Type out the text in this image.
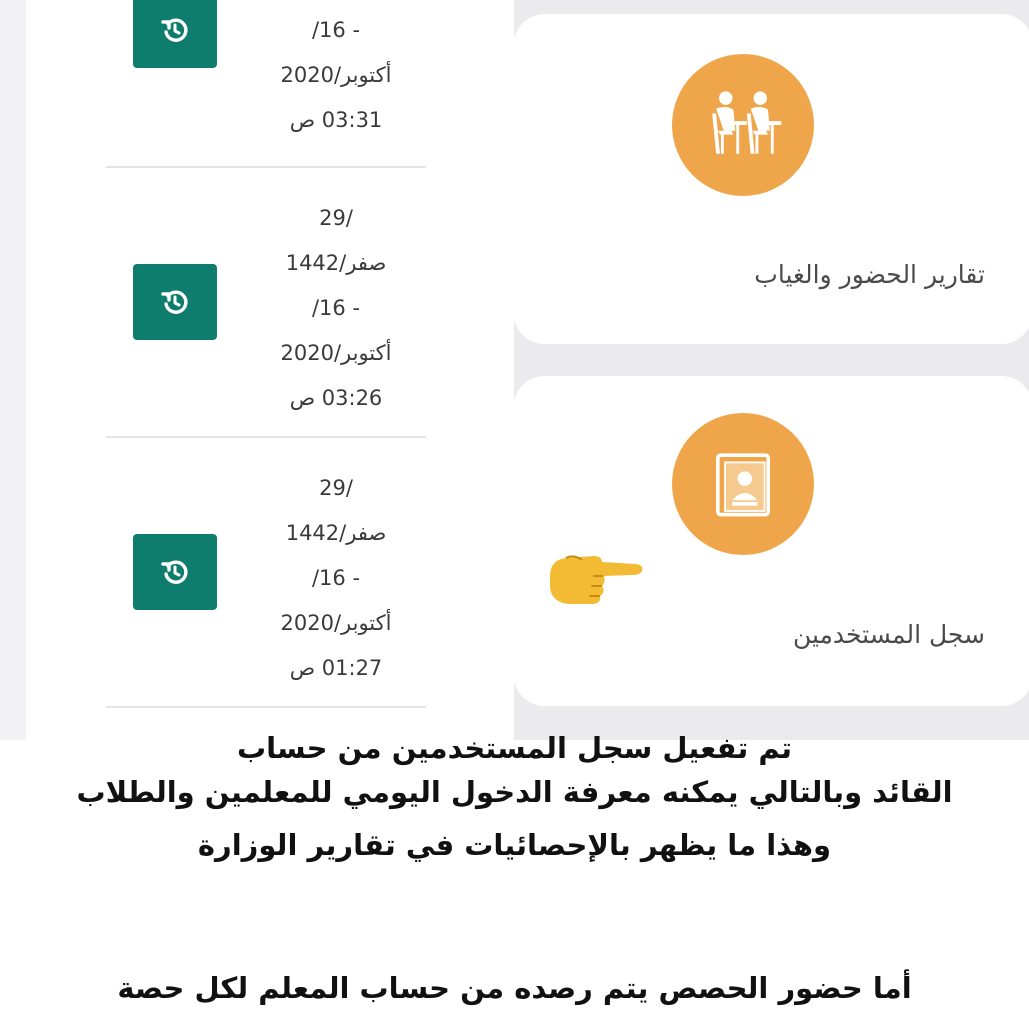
- 16/
أكتوبر/2020
03:31 ص
/29
صفر/1442
- 16/
أكتوبر/2020
03:26 ص
/29
صفر/1442
- 16/
أكتوبر/2020
01:27 ص
تقارير الحضور والغياب
سجل المستخدمين
تم تفعيل سجل المستخدمين من حساب
القائد وبالتالي يمكنه معرفة الدخول اليومي للمعلمين والطلاب
وهذا ما يظهر بالإحصائيات في تقارير الوزارة
أما حضور الحصص يتم رصده من حساب المعلم لكل حصة
